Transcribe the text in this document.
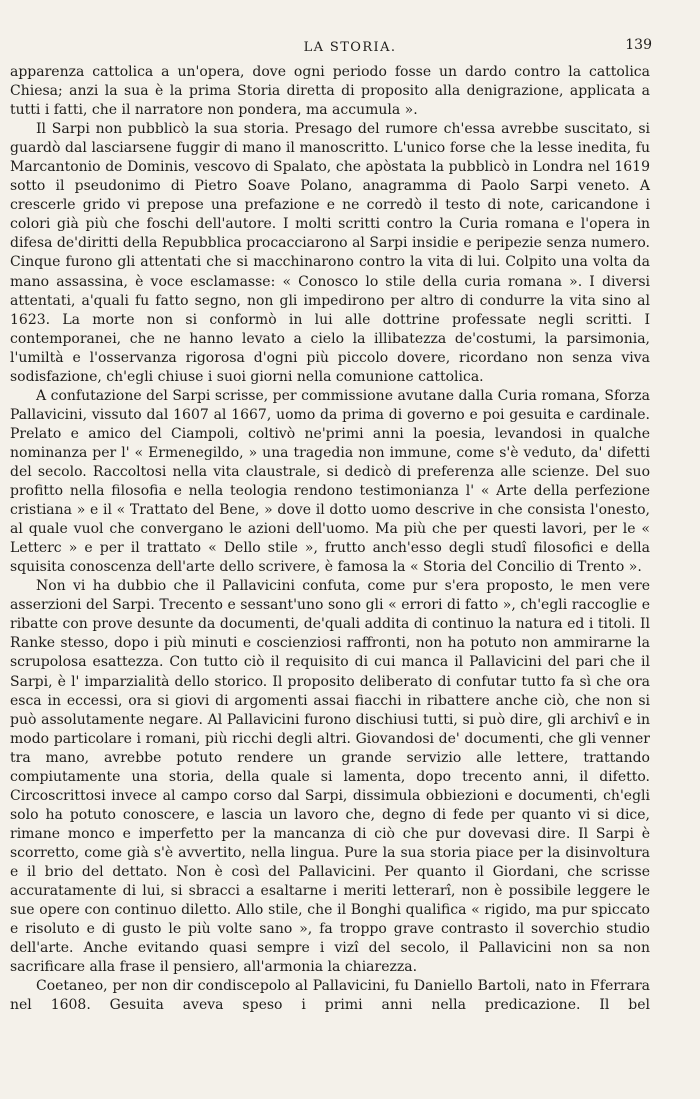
LA STORIA.	139

apparenza cattolica a un'opera, dove ogni periodo fosse un dardo contro la cattolica Chiesa; anzi la sua è la prima Storia diretta di proposito alla denigrazione, applicata a tutti i fatti, che il narratore non pondera, ma accumula ».

Il Sarpi non pubblicò la sua storia. Presago del rumore ch'essa avrebbe suscitato, si guardò dal lasciarsene fuggir di mano il manoscritto. L'unico forse che la lesse inedita, fu Marcantonio de Dominis, vescovo di Spalato, che apòstata la pubblicò in Londra nel 1619 sotto il pseudonimo di Pietro Soave Polano, anagramma di Paolo Sarpi veneto. A crescerle grido vi prepose una prefazione e ne corredò il testo di note, caricandone i colori già più che foschi dell'autore. I molti scritti contro la Curia romana e l'opera in difesa de'diritti della Repubblica procacciarono al Sarpi insidie e peripezie senza numero. Cinque furono gli attentati che si macchinarono contro la vita di lui. Colpito una volta da mano assassina, è voce esclamasse: « Conosco lo stile della curia romana ». I diversi attentati, a'quali fu fatto segno, non gli impedirono per altro di condurre la vita sino al 1623. La morte non si conformò in lui alle dottrine professate negli scritti. I contemporanei, che ne hanno levato a cielo la illibatezza de'costumi, la parsimonia, l'umiltà e l'osservanza rigorosa d'ogni più piccolo dovere, ricordano non senza viva sodisfazione, ch'egli chiuse i suoi giorni nella comunione cattolica.

A confutazione del Sarpi scrisse, per commissione avutane dalla Curia romana, Sforza Pallavicini, vissuto dal 1607 al 1667, uomo da prima di governo e poi gesuita e cardinale. Prelato e amico del Ciampoli, coltivò ne'primi anni la poesia, levandosi in qualche nominanza per l' « Ermenegildo, » una tragedia non immune, come s'è veduto, da' difetti del secolo. Raccoltosi nella vita claustrale, si dedicò di preferenza alle scienze. Del suo profitto nella filosofia e nella teologia rendono testimonianza l' « Arte della perfezione cristiana » e il « Trattato del Bene, » dove il dotto uomo descrive in che consista l'onesto, al quale vuol che convergano le azioni dell'uomo. Ma più che per questi lavori, per le « Letterc » e per il trattato « Dello stile », frutto anch'esso degli studî filosofici e della squisita conoscenza dell'arte dello scrivere, è famosa la « Storia del Concilio di Trento ».

Non vi ha dubbio che il Pallavicini confuta, come pur s'era proposto, le men vere asserzioni del Sarpi. Trecento e sessant'uno sono gli « errori di fatto », ch'egli raccoglie e ribatte con prove desunte da documenti, de'quali addita di continuo la natura ed i titoli. Il Ranke stesso, dopo i più minuti e coscienziosi raffronti, non ha potuto non ammirarne la scrupolosa esattezza. Con tutto ciò il requisito di cui manca il Pallavicini del pari che il Sarpi, è l' imparzialità dello storico. Il proposito deliberato di confutar tutto fa sì che ora esca in eccessi, ora si giovi di argomenti assai fiacchi in ribattere anche ciò, che non si può assolutamente negare. Al Pallavicini furono dischiusi tutti, si può dire, gli archivî e in modo particolare i romani, più ricchi degli altri. Giovandosi de' documenti, che gli venner tra mano, avrebbe potuto rendere un grande servizio alle lettere, trattando compiutamente una storia, della quale si lamenta, dopo trecento anni, il difetto. Circoscrittosi invece al campo corso dal Sarpi, dissimula obbiezioni e documenti, ch'egli solo ha potuto conoscere, e lascia un lavoro che, degno di fede per quanto vi si dice, rimane monco e imperfetto per la mancanza di ciò che pur dovevasi dire. Il Sarpi è scorretto, come già s'è avvertito, nella lingua. Pure la sua storia piace per la disinvoltura e il brio del dettato. Non è così del Pallavicini. Per quanto il Giordani, che scrisse accuratamente di lui, si sbracci a esaltarne i meriti letterarî, non è possibile leggere le sue opere con continuo diletto. Allo stile, che il Bonghi qualifica « rigido, ma pur spiccato e risoluto e di gusto le più volte sano », fa troppo grave contrasto il soverchio studio dell'arte. Anche evitando quasi sempre i vizî del secolo, il Pallavicini non sa non sacrificare alla frase il pensiero, all'armonia la chiarezza.

Coetaneo, per non dir condiscepolo al Pallavicini, fu Daniello Bartoli, nato in Fferrara nel 1608. Gesuita aveva speso i primi anni nella predicazione. Il bel
